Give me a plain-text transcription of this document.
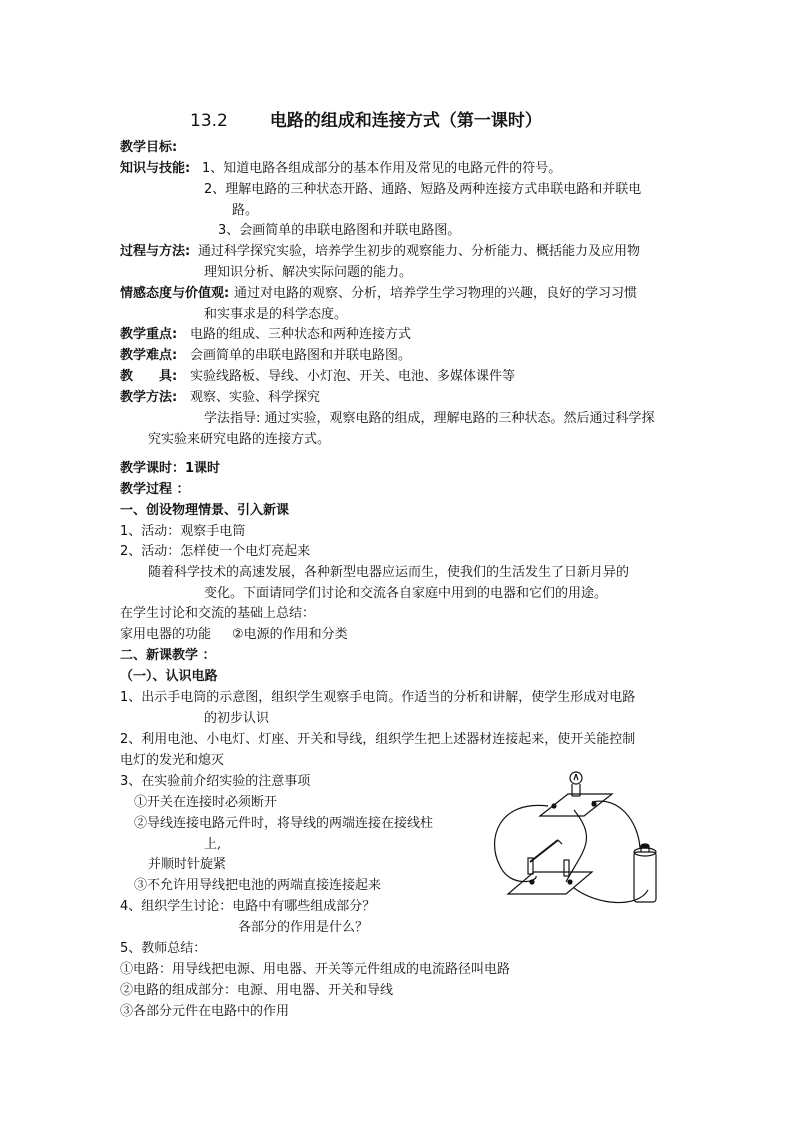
13.2 电路的组成和连接方式（第一课时）
教学目标:
知识与技能: 1、知道电路各组成部分的基本作用及常见的电路元件的符号。
2、理解电路的三种状态开路、通路、短路及两种连接方式串联电路和并联电
路。
3、会画简单的串联电路图和并联电路图。
过程与方法: 通过科学探究实验，培养学生初步的观察能力、分析能力、概括能力及应用物
理知识分析、解决实际问题的能力。
情感态度与价值观: 通过对电路的观察、分析，培养学生学习物理的兴趣，良好的学习习惯
和实事求是的科学态度。
教学重点: 电路的组成、三种状态和两种连接方式
教学难点: 会画简单的串联电路图和并联电路图。
教　　具: 实验线路板、导线、小灯泡、开关、电池、多媒体课件等
教学方法: 观察、实验、科学探究
学法指导: 通过实验，观察电路的组成，理解电路的三种状态。然后通过科学探
究实验来研究电路的连接方式。
教学课时：1课时
教学过程 ：
一、创设物理情景、引入新课
1、活动：观察手电筒
2、活动：怎样使一个电灯亮起来
随着科学技术的高速发展，各种新型电器应运而生，使我们的生活发生了日新月异的
变化。下面请同学们讨论和交流各自家庭中用到的电器和它们的用途。
在学生讨论和交流的基础上总结：
家用电器的功能 ②电源的作用和分类
二、新课教学 ：
（一）、认识电路
1、出示手电筒的示意图，组织学生观察手电筒。作适当的分析和讲解，使学生形成对电路
的初步认识
2、利用电池、小电灯、灯座、开关和导线，组织学生把上述器材连接起来，使开关能控制
电灯的发光和熄灭
3、在实验前介绍实验的注意事项
①开关在连接时必须断开
②导线连接电路元件时，将导线的两端连接在接线柱
上,
并顺时针旋紧
③不允许用导线把电池的两端直接连接起来
4、组织学生讨论：电路中有哪些组成部分？
各部分的作用是什么？
5、教师总结：
①电路：用导线把电源、用电器、开关等元件组成的电流路径叫电路
②电路的组成部分：电源、用电器、开关和导线
③各部分元件在电路中的作用
